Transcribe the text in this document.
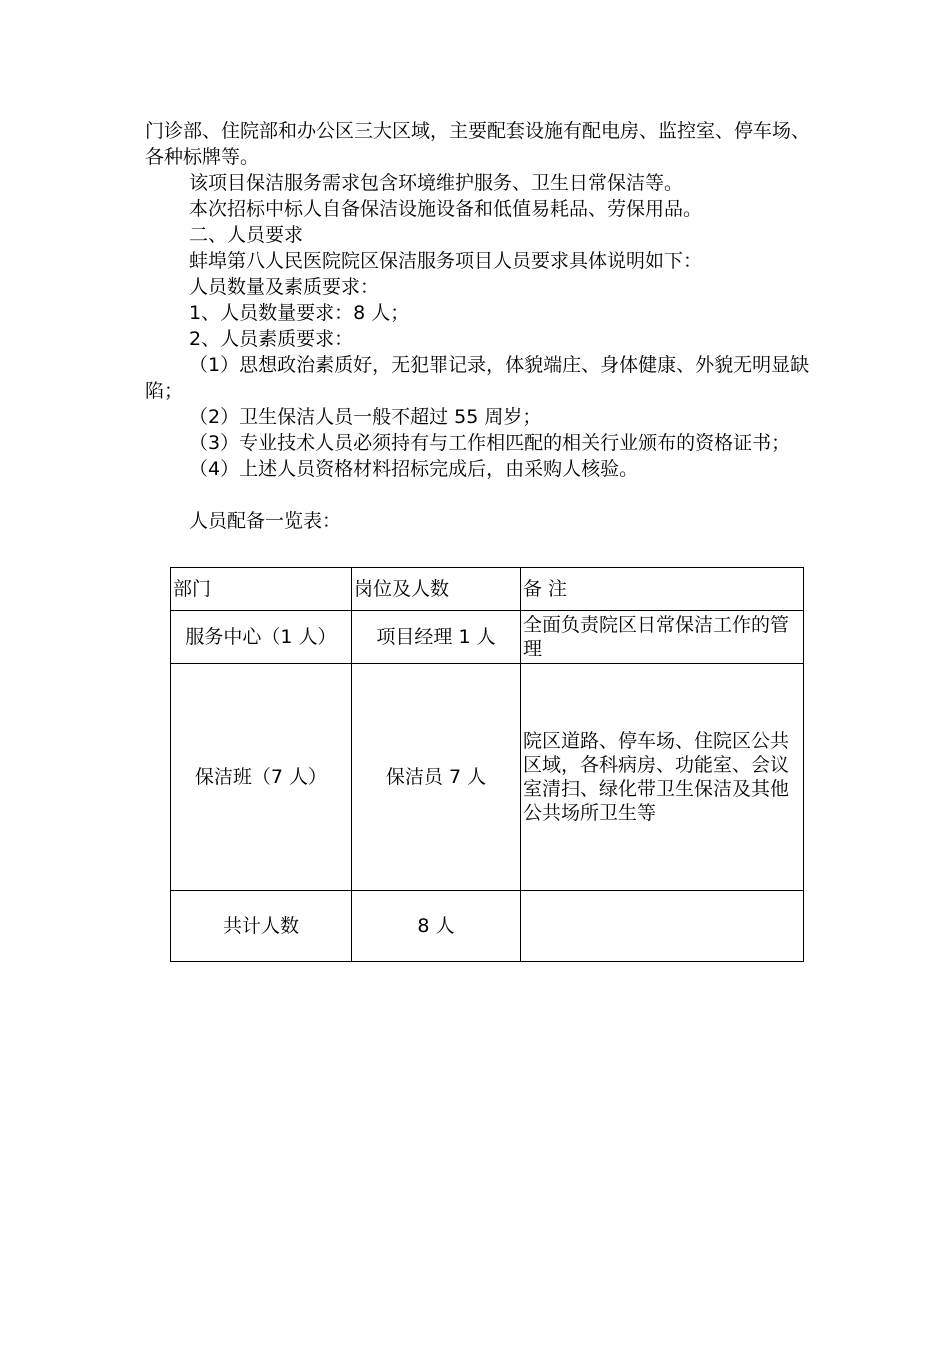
门诊部、住院部和办公区三大区域，主要配套设施有配电房、监控室、停车场、各种标牌等。

该项目保洁服务需求包含环境维护服务、卫生日常保洁等。

本次招标中标人自备保洁设施设备和低值易耗品、劳保用品。

二、人员要求

蚌埠第八人民医院院区保洁服务项目人员要求具体说明如下：

人员数量及素质要求：

1、人员数量要求：8 人；

2、人员素质要求：

（1）思想政治素质好，无犯罪记录，体貌端庄、身体健康、外貌无明显缺陷；

（2）卫生保洁人员一般不超过 55 周岁；

（3）专业技术人员必须持有与工作相匹配的相关行业颁布的资格证书；

（4）上述人员资格材料招标完成后，由采购人核验。

人员配备一览表：

部门	岗位及人数	备 注
服务中心（1 人）	项目经理 1 人	全面负责院区日常保洁工作的管理
保洁班（7 人）	保洁员 7 人	院区道路、停车场、住院区公共区域，各科病房、功能室、会议室清扫、绿化带卫生保洁及其他公共场所卫生等
共计人数	8 人	
